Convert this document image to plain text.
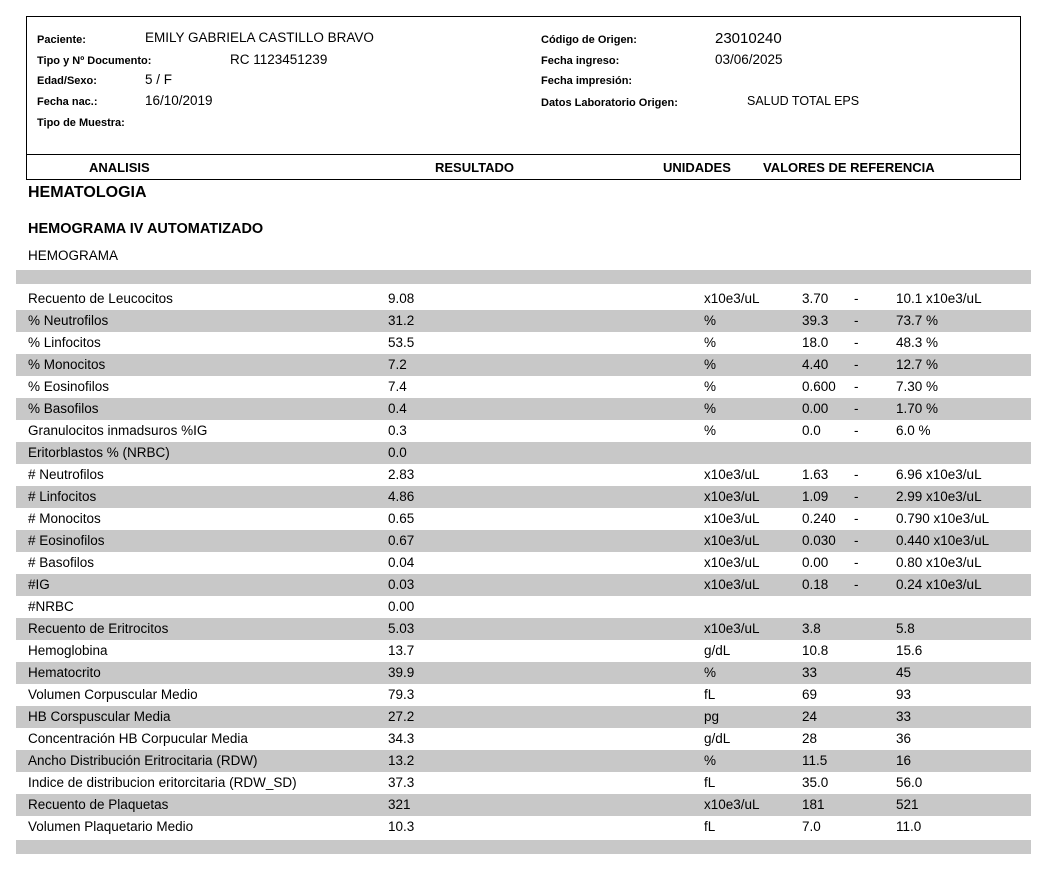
Paciente:	EMILY GABRIELA CASTILLO BRAVO
Tipo y Nº Documento:	RC 1123451239
Edad/Sexo:	5 / F
Fecha nac.:	16/10/2019
Tipo de Muestra:
Código de Origen:	23010240
Fecha ingreso:	03/06/2025
Fecha impresión:
Datos Laboratorio Origen:	SALUD TOTAL EPS
ANALISIS	RESULTADO	UNIDADES VALORES DE REFERENCIA
HEMATOLOGIA
HEMOGRAMA IV AUTOMATIZADO
HEMOGRAMA
Recuento de Leucocitos	9.08	x10e3/uL	3.70 -	10.1 x10e3/uL
% Neutrofilos	31.2	%	39.3 -	73.7 %
% Linfocitos	53.5	%	18.0 -	48.3 %
% Monocitos	7.2	%	4.40 -	12.7 %
% Eosinofilos	7.4	%	0.600 -	7.30 %
% Basofilos	0.4	%	0.00 -	1.70 %
Granulocitos inmadsuros %IG	0.3	%	0.0 -	6.0 %
Eritorblastos % (NRBC)	0.0
# Neutrofilos	2.83	x10e3/uL	1.63 -	6.96 x10e3/uL
# Linfocitos	4.86	x10e3/uL	1.09 -	2.99 x10e3/uL
# Monocitos	0.65	x10e3/uL	0.240 -	0.790 x10e3/uL
# Eosinofilos	0.67	x10e3/uL	0.030 -	0.440 x10e3/uL
# Basofilos	0.04	x10e3/uL	0.00 -	0.80 x10e3/uL
#IG	0.03	x10e3/uL	0.18 -	0.24 x10e3/uL
#NRBC	0.00
Recuento de Eritrocitos	5.03	x10e3/uL	3.8	5.8
Hemoglobina	13.7	g/dL	10.8	15.6
Hematocrito	39.9	%	33	45
Volumen Corpuscular Medio	79.3	fL	69	93
HB Corspuscular Media	27.2	pg	24	33
Concentración HB Corpucular Media	34.3	g/dL	28	36
Ancho Distribución Eritrocitaria (RDW)	13.2	%	11.5	16
Indice de distribucion eritorcitaria (RDW_SD)	37.3	fL	35.0	56.0
Recuento de Plaquetas	321	x10e3/uL	181	521
Volumen Plaquetario Medio	10.3	fL	7.0	11.0
